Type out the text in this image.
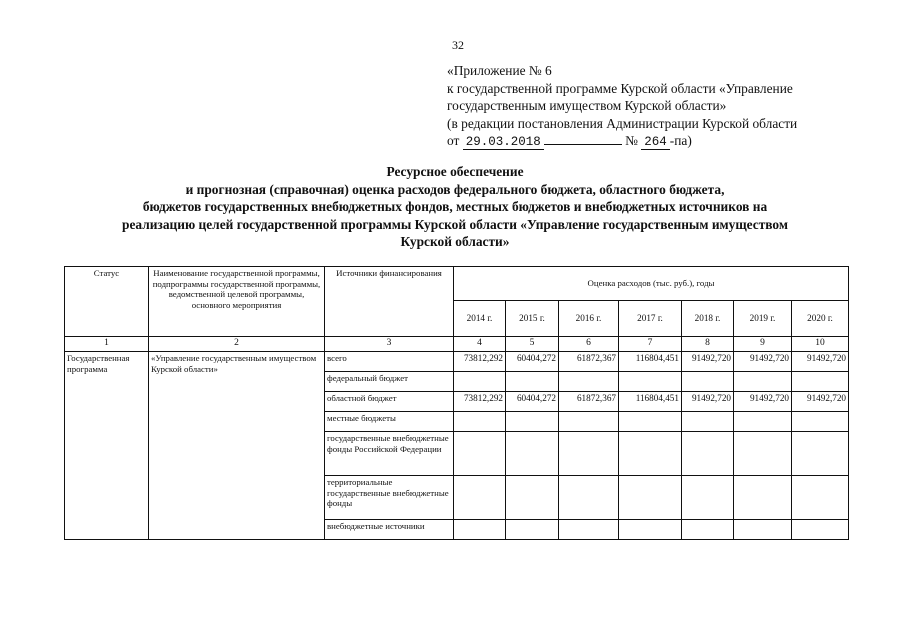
32
«Приложение № 6
к государственной программе Курской области «Управление
государственным имуществом Курской области»
(в редакции постановления Администрации Курской области
от 29.03.2018	№ 264 -па)
Ресурсное обеспечение
и прогнозная (справочная) оценка расходов федерального бюджета, областного бюджета,
бюджетов государственных внебюджетных фондов, местных бюджетов и внебюджетных источников на
реализацию целей государственной программы Курской области «Управление государственным имуществом
Курской области»
Статус	Наименование государственной программы, подпрограммы государственной программы, ведомственной целевой программы, основного мероприятия	Источники финансирования	Оценка расходов (тыс. руб.), годы						
			2014 г.	2015 г.	2016 г.	2017 г.	2018 г.	2019 г.	2020 г.
1	2	3	4	5	6	7	8	9	10
Государственная программа	«Управление государственным имуществом Курской области»	всего	73812,292	60404,272	61872,367	116804,451	91492,720	91492,720	91492,720
		федеральный бюджет							
		областной бюджет	73812,292	60404,272	61872,367	116804,451	91492,720	91492,720	91492,720
		местные бюджеты							
		государственные внебюджетные фонды Российской Федерации							
		территориальные государственные внебюджетные фонды							
		внебюджетные источники							
